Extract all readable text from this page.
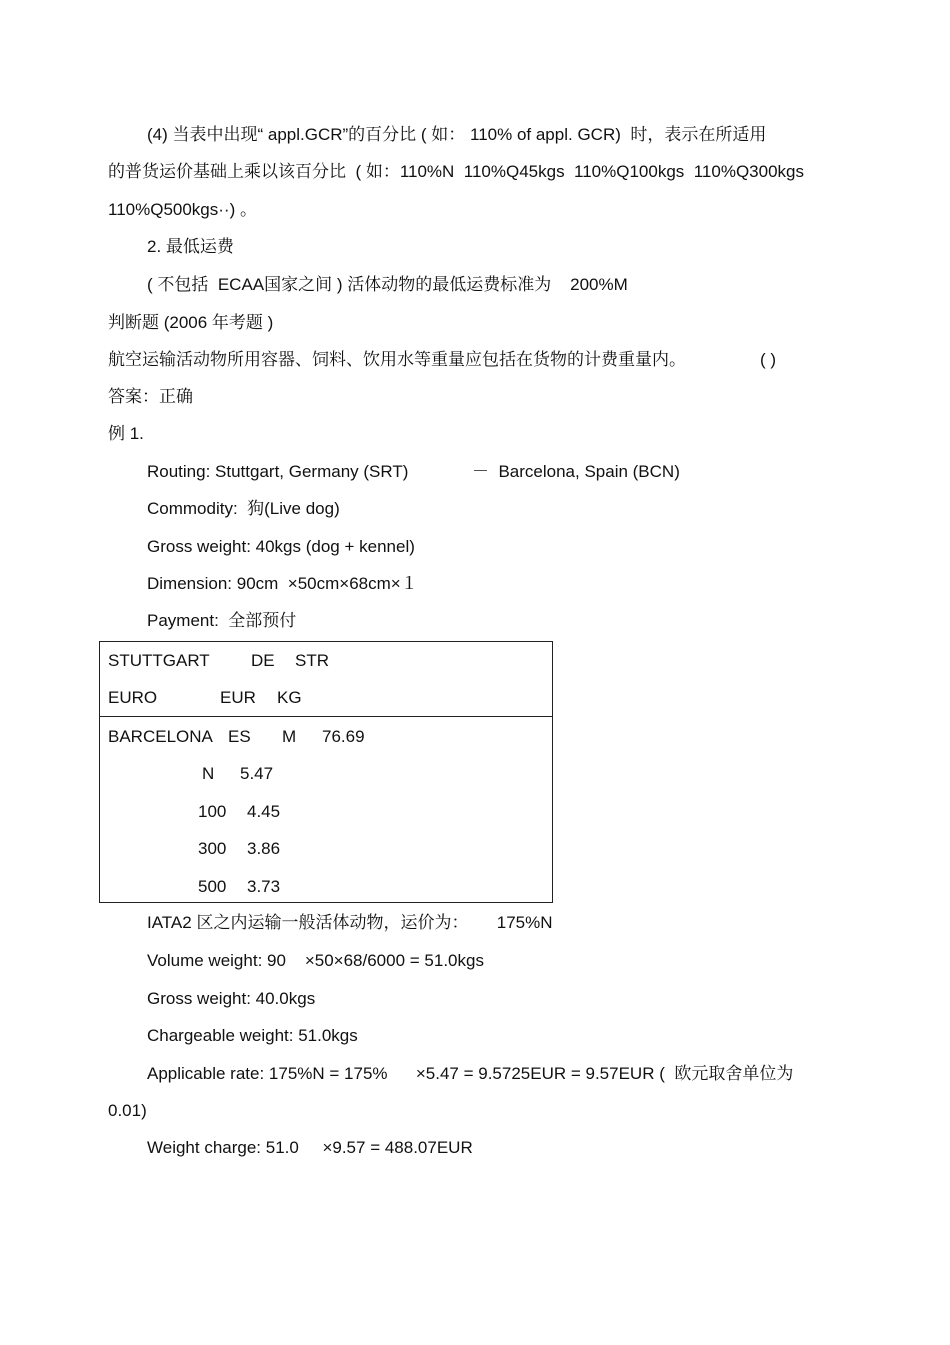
(4) 当表中出现“ appl.GCR”的百分比 ( 如： 110% of appl. GCR)  时，表示在所适用
的普货运价基础上乘以该百分比  ( 如：110%N  110%Q45kgs  110%Q100kgs  110%Q300kgs
110%Q500kgs··) 。
2. 最低运费
( 不包括  ECAA国家之间 ) 活体动物的最低运费标准为    200%M
判断题 (2006 年考题 )
航空运输活动物所用容器、饲料、饮用水等重量应包括在货物的计费重量内。	( )
答案：正确
例 1.
Routing: Stuttgart, Germany (SRT)	－  Barcelona, Spain (BCN)
Commodity:  狗(Live dog)
Gross weight: 40kgs (dog + kennel)
Dimension: 90cm  ×50cm×68cm×１
Payment:  全部预付
STUTTGART DE STR
EURO	EUR KG
BARCELONA ES M 76.69
N 5.47
100 4.45
300 3.86
500 3.73
IATA2 区之内运输一般活体动物，运价为：      175%N
Volume weight: 90    ×50×68/6000 = 51.0kgs
Gross weight: 40.0kgs
Chargeable weight: 51.0kgs
Applicable rate: 175%N = 175%      ×5.47 = 9.5725EUR = 9.57EUR (  欧元取舍单位为
0.01)
Weight charge: 51.0     ×9.57 = 488.07EUR
